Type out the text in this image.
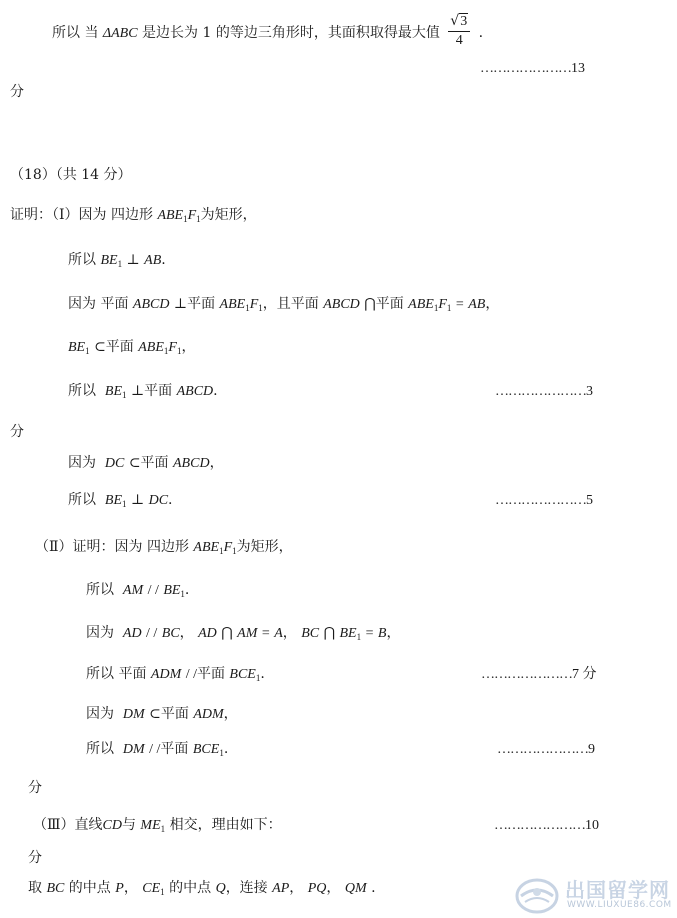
所以 当 ΔABC 是边长为 1 的等边三角形时，其面积取得最大值 $\frac{√3}{4}$ .
…………………13
分
（18）（共 14 分）
证明：（Ⅰ）因为 四边形 $ABE_1F_1$为矩形，
所以 $BE_1$ ⊥ AB.
因为 平面 ABCD ⊥平面 $ABE_1F_1$，且平面 ABCD ⋂平面 $ABE_1F_1$ = AB，
$BE_1$ ⊂平面 $ABE_1F_1$，
所以 $BE_1$ ⊥平面 ABCD.	…………………3
分
因为 DC ⊂平面 ABCD，
所以 $BE_1$ ⊥ DC.	…………………5
（Ⅱ）证明：因为 四边形 $ABE_1F_1$为矩形，
所以 AM / / $BE_1$.
因为 AD / / BC， AD ⋂ AM = A， BC ⋂ $BE_1 = B$，
所以 平面 ADM / /平面 $BCE_1$.	…………………7 分
因为 DM ⊂平面 ADM，
所以 DM / /平面 $BCE_1$.	…………………9
分
（Ⅲ）直线CD与 $ME_1$ 相交，理由如下：	…………………10
分
取 BC 的中点 P， $CE_1$ 的中点 Q，连接 AP， PQ， QM .	出国留学网
WWW.LIUXUE86.COM
